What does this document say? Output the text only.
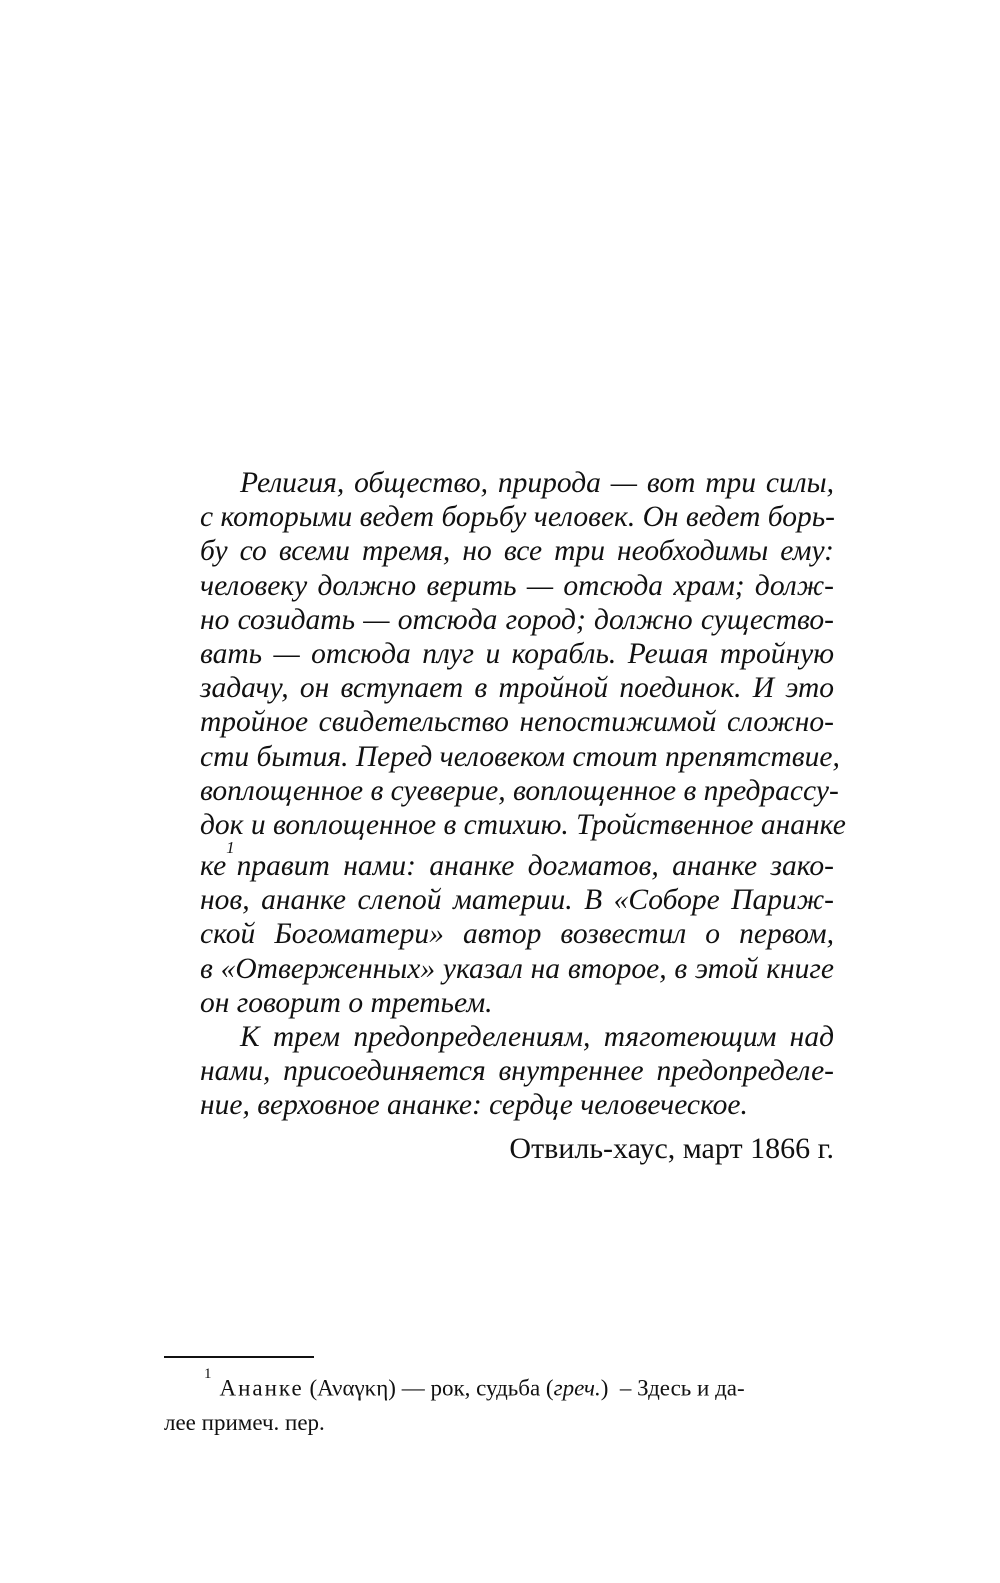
Религия, общество, природа — вот три силы,
с которыми ведет борьбу человек. Он ведет борь-
бу со всеми тремя, но все три необходимы ему:
человеку должно верить — отсюда храм; долж-
но созидать — отсюда город; должно существо-
вать — отсюда плуг и корабль. Решая тройную
задачу, он вступает в тройной поединок. И это
тройное свидетельство непостижимой сложно-
сти бытия. Перед человеком стоит препятствие,
воплощенное в суеверие, воплощенное в предрассу-
док и воплощенное в стихию. Тройственное ананке
ке$^1$правит нами: ананке догматов, ананке зако-
нов, ананке слепой материи. В «Соборе Париж-
ской Богоматери» автор возвестил о первом,
в «Отверженных» указал на второе, в этой книге
он говорит о третьем.
К трем предопределениям, тяготеющим над
нами, присоединяется внутреннее предопределе-
ние, верховное ананке: сердце человеческое.
Отвиль-хаус, март 1866 г.
$^1$Ананке (Αναγκη) — рок, судьба (греч.) – Здесь и да-
лее примеч. пер.
